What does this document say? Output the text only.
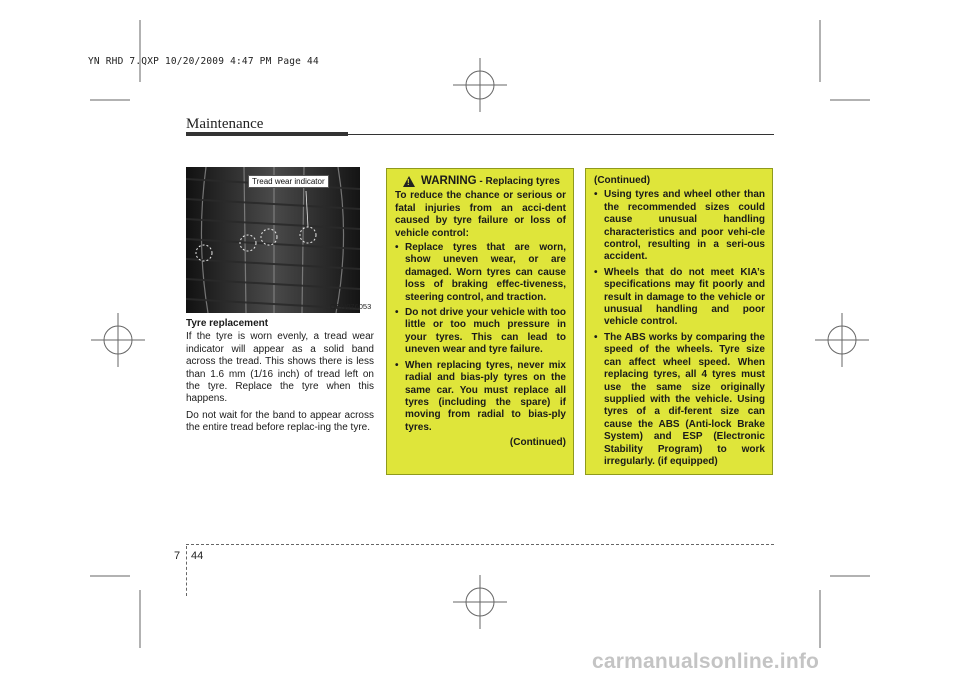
YN RHD 7.QXP 10/20/2009 4:47 PM Page 44
Maintenance
Tread wear indicator
OEN076053
Tyre replacement

If the tyre is worn evenly, a tread wear indicator will appear as a solid band across the tread. This shows there is less than 1.6 mm (1/16 inch) of tread left on the tyre. Replace the tyre when this happens.

Do not wait for the band to appear across the entire tread before replac-ing the tyre.

! WARNING - Replacing tyres

To reduce the chance or serious or fatal injuries from an acci-dent caused by tyre failure or loss of vehicle control:

• Replace tyres that are worn, show uneven wear, or are damaged. Worn tyres can cause loss of braking effec-tiveness, steering control, and traction.
• Do not drive your vehicle with too little or too much pressure in your tyres. This can lead to uneven wear and tyre failure.
• When replacing tyres, never mix radial and bias-ply tyres on the same car. You must replace all tyres (including the spare) if moving from radial to bias-ply tyres.
(Continued)

(Continued)

• Using tyres and wheel other than the recommended sizes could cause unusual handling characteristics and poor vehi-cle control, resulting in a seri-ous accident.
• Wheels that do not meet KIA’s specifications may fit poorly and result in damage to the vehicle or unusual handling and poor vehicle control.
• The ABS works by comparing the speed of the wheels. Tyre size can affect wheel speed. When replacing tyres, all 4 tyres must use the same size originally supplied with the vehicle. Using tyres of a dif-ferent size can cause the ABS (Anti-lock Brake System) and ESP (Electronic Stability Program) to work irregularly. (if equipped)
7 44
carmanualsonline.info
